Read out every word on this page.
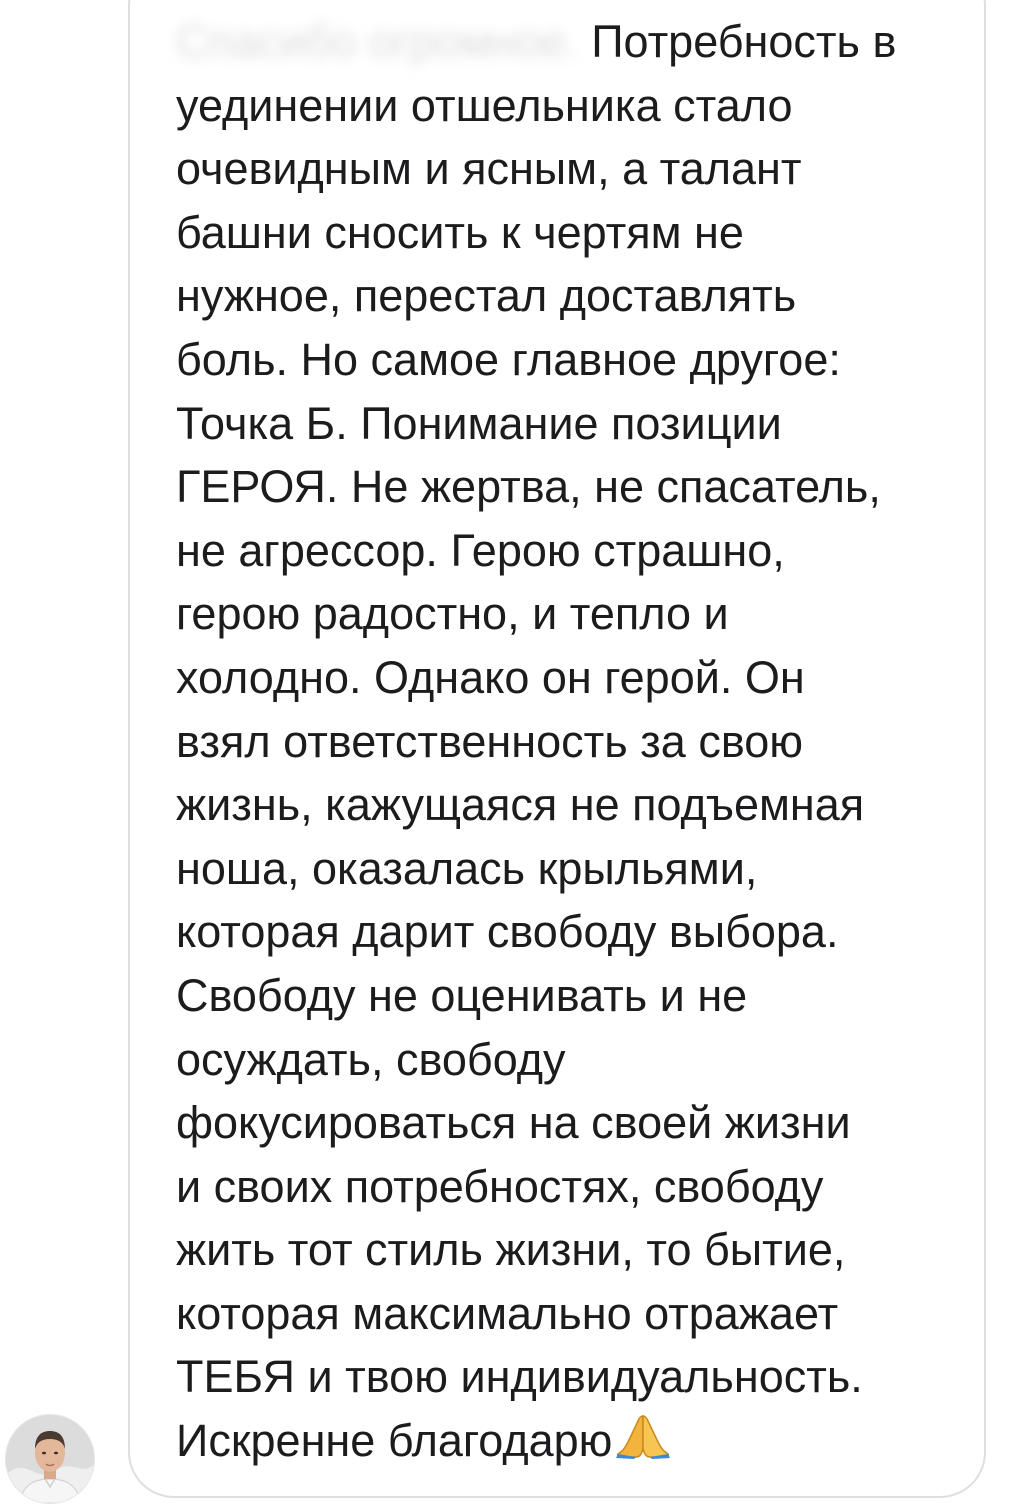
Спасибо огромное. Потребность в
уединении отшельника стало
очевидным и ясным, а талант
башни сносить к чертям не
нужное, перестал доставлять
боль. Но самое главное другое:
Точка Б. Понимание позиции
ГЕРОЯ. Не жертва, не спасатель,
не агрессор. Герою страшно,
герою радостно, и тепло и
холодно. Однако он герой. Он
взял ответственность за свою
жизнь, кажущаяся не подъемная
ноша, оказалась крыльями,
которая дарит свободу выбора.
Свободу не оценивать и не
осуждать, свободу
фокусироваться на своей жизни
и своих потребностях, свободу
жить тот стиль жизни, то бытие,
которая максимально отражает
ТЕБЯ и твою индивидуальность.
Искренне благодарю
